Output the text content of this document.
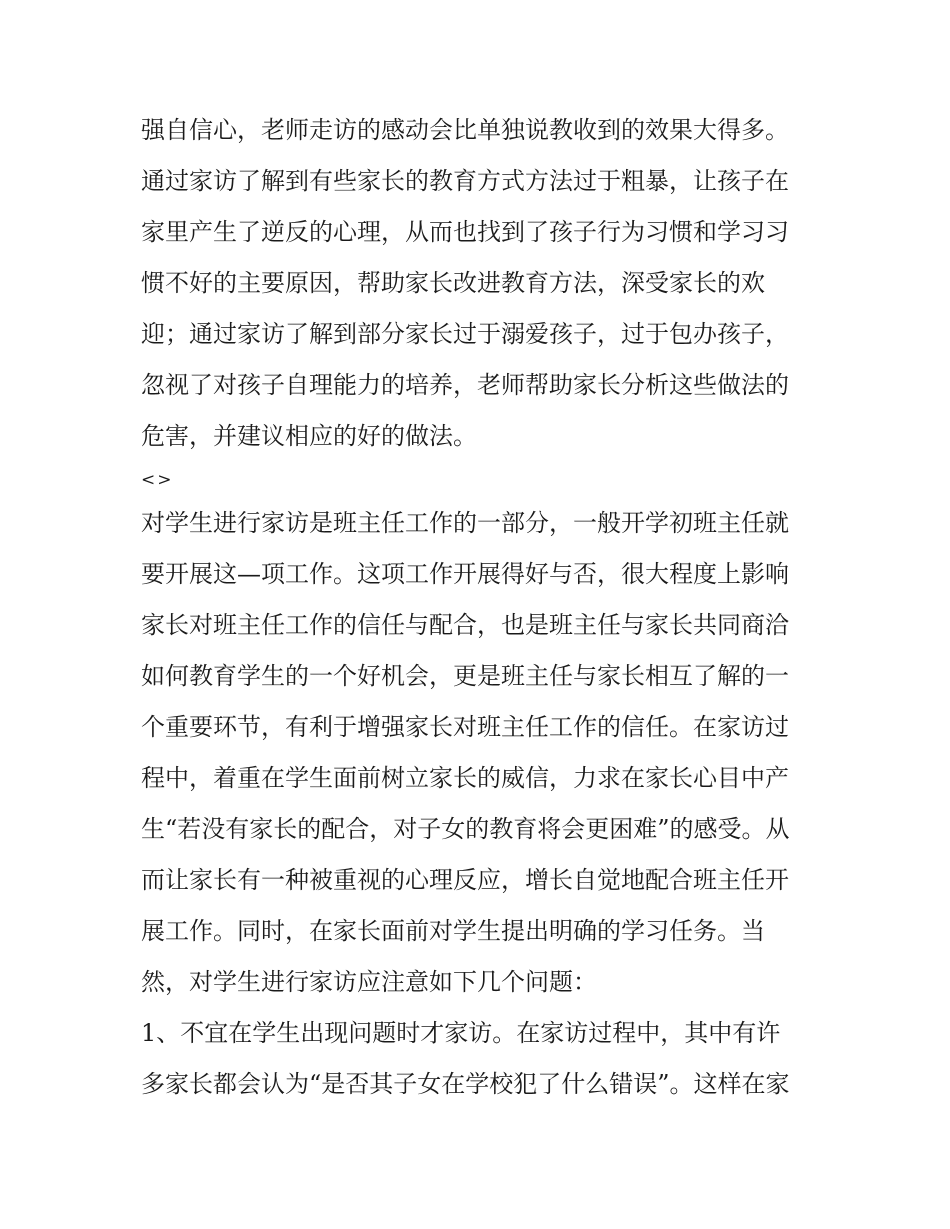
强自信心，老师走访的感动会比单独说教收到的效果大得多。
通过家访了解到有些家长的教育方式方法过于粗暴，让孩子在
家里产生了逆反的心理，从而也找到了孩子行为习惯和学习习
惯不好的主要原因，帮助家长改进教育方法，深受家长的欢
迎；通过家访了解到部分家长过于溺爱孩子，过于包办孩子，
忽视了对孩子自理能力的培养，老师帮助家长分析这些做法的
危害，并建议相应的好的做法。
<>
对学生进行家访是班主任工作的一部分，一般开学初班主任就
要开展这—项工作。这项工作开展得好与否，很大程度上影响
家长对班主任工作的信任与配合，也是班主任与家长共同商洽
如何教育学生的一个好机会，更是班主任与家长相互了解的一
个重要环节，有利于增强家长对班主任工作的信任。在家访过
程中，着重在学生面前树立家长的威信，力求在家长心目中产
生“若没有家长的配合，对子女的教育将会更困难”的感受。从
而让家长有一种被重视的心理反应，增长自觉地配合班主任开
展工作。同时，在家长面前对学生提出明确的学习任务。当
然，对学生进行家访应注意如下几个问题：
1、不宜在学生出现问题时才家访。在家访过程中，其中有许
多家长都会认为“是否其子女在学校犯了什么错误”。这样在家
